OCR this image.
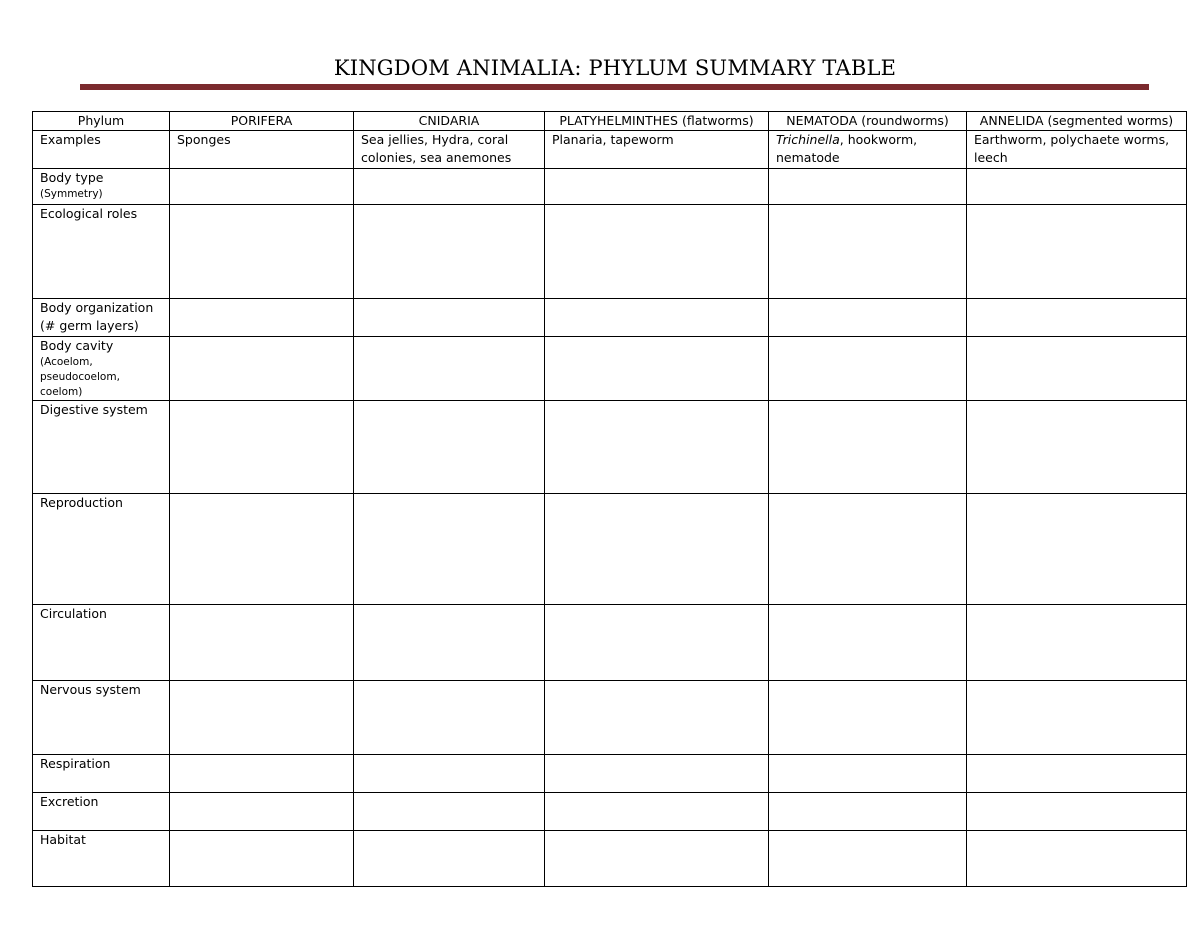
KINGDOM ANIMALIA: PHYLUM SUMMARY TABLE
Phylum	PORIFERA	CNIDARIA	PLATYHELMINTHES (flatworms)	NEMATODA (roundworms)	ANNELIDA (segmented worms)
Examples	Sponges	Sea jellies, Hydra, coral colonies, sea anemones	Planaria, tapeworm	Trichinella, hookworm, nematode	Earthworm, polychaete worms, leech

Body type
(Symmetry)					

Ecological roles					

Body organization
(# germ layers)					

Body cavity
(Acoelom, pseudocoelom, coelom)					

Digestive system					

Reproduction					

Circulation					

Nervous system					

Respiration					

Excretion					

Habitat					
